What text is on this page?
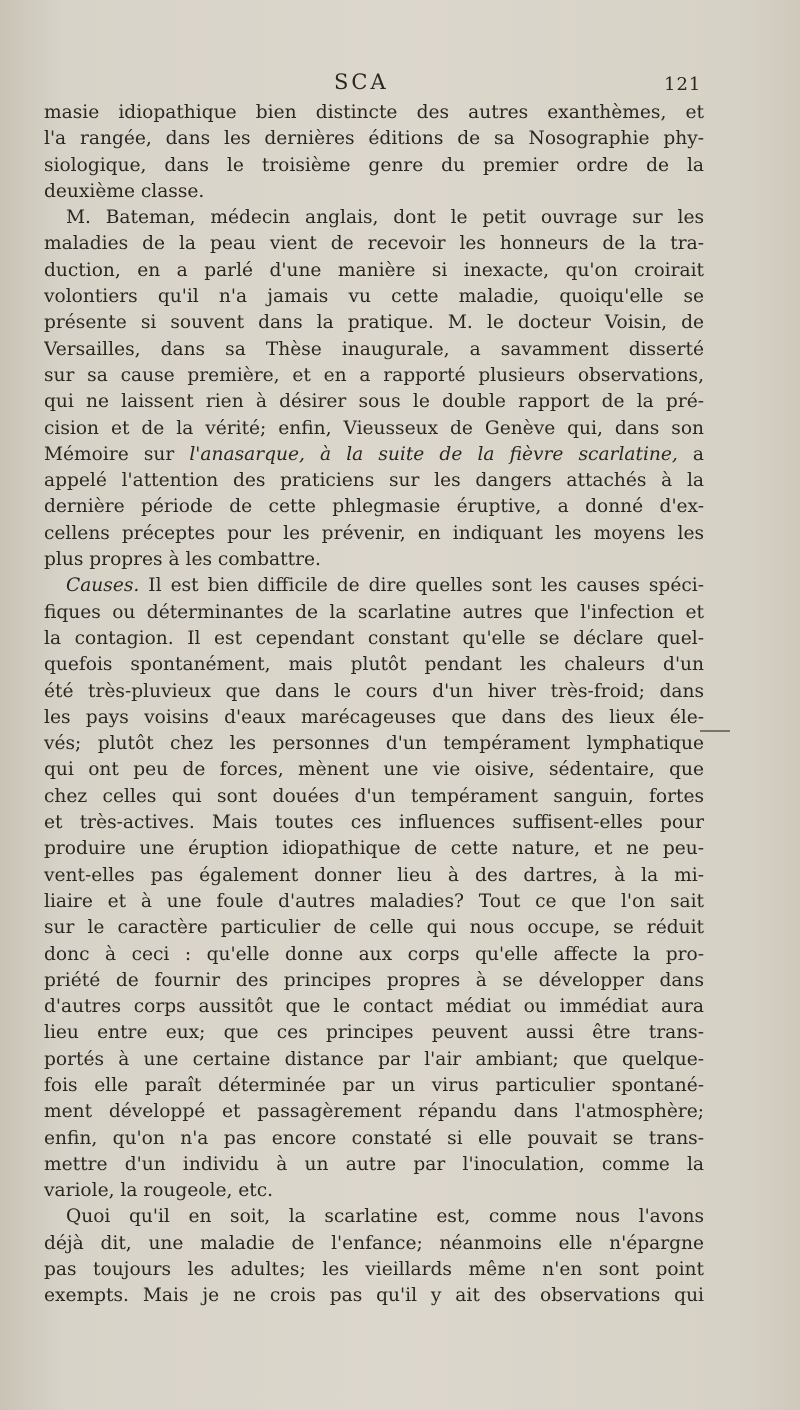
SCA	121
masie idiopathique bien distincte des autres exanthèmes, et
l'a rangée, dans les dernières éditions de sa Nosographie phy-
siologique, dans le troisième genre du premier ordre de la
deuxième classe.
M. Bateman, médecin anglais, dont le petit ouvrage sur les
maladies de la peau vient de recevoir les honneurs de la tra-
duction, en a parlé d'une manière si inexacte, qu'on croirait
volontiers qu'il n'a jamais vu cette maladie, quoiqu'elle se
présente si souvent dans la pratique. M. le docteur Voisin, de
Versailles, dans sa Thèse inaugurale, a savamment disserté
sur sa cause première, et en a rapporté plusieurs observations,
qui ne laissent rien à désirer sous le double rapport de la pré-
cision et de la vérité; enfin, Vieusseux de Genève qui, dans son
Mémoire sur l'anasarque, à la suite de la fièvre scarlatine, a
appelé l'attention des praticiens sur les dangers attachés à la
dernière période de cette phlegmasie éruptive, a donné d'ex-
cellens préceptes pour les prévenir, en indiquant les moyens les
plus propres à les combattre.
Causes. Il est bien difficile de dire quelles sont les causes spéci-
fiques ou déterminantes de la scarlatine autres que l'infection et
la contagion. Il est cependant constant qu'elle se déclare quel-
quefois spontanément, mais plutôt pendant les chaleurs d'un
été très-pluvieux que dans le cours d'un hiver très-froid; dans
les pays voisins d'eaux marécageuses que dans des lieux éle-
vés; plutôt chez les personnes d'un tempérament lymphatique
qui ont peu de forces, mènent une vie oisive, sédentaire, que
chez celles qui sont douées d'un tempérament sanguin, fortes
et très-actives. Mais toutes ces influences suffisent-elles pour
produire une éruption idiopathique de cette nature, et ne peu-
vent-elles pas également donner lieu à des dartres, à la mi-
liaire et à une foule d'autres maladies? Tout ce que l'on sait
sur le caractère particulier de celle qui nous occupe, se réduit
donc à ceci : qu'elle donne aux corps qu'elle affecte la pro-
priété de fournir des principes propres à se développer dans
d'autres corps aussitôt que le contact médiat ou immédiat aura
lieu entre eux; que ces principes peuvent aussi être trans-
portés à une certaine distance par l'air ambiant; que quelque-
fois elle paraît déterminée par un virus particulier spontané-
ment développé et passagèrement répandu dans l'atmosphère;
enfin, qu'on n'a pas encore constaté si elle pouvait se trans-
mettre d'un individu à un autre par l'inoculation, comme la
variole, la rougeole, etc.
Quoi qu'il en soit, la scarlatine est, comme nous l'avons
déjà dit, une maladie de l'enfance; néanmoins elle n'épargne
pas toujours les adultes; les vieillards même n'en sont point
exempts. Mais je ne crois pas qu'il y ait des observations qui
